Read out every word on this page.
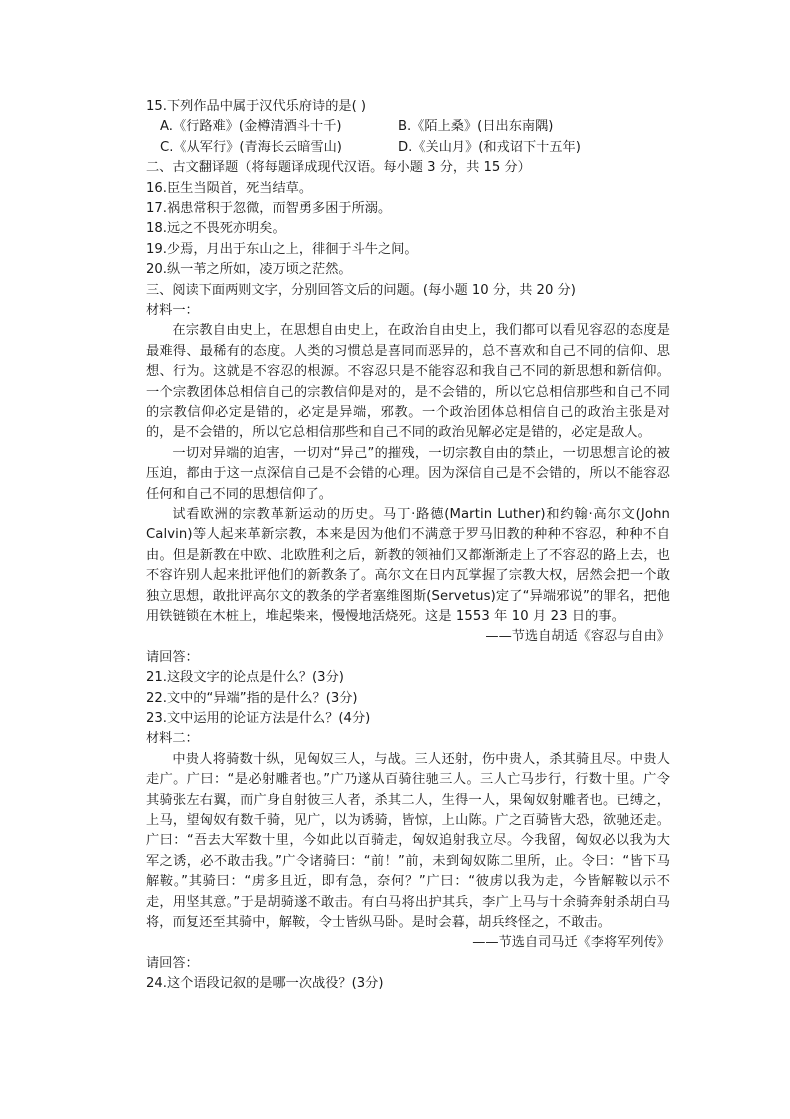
15.下列作品中属于汉代乐府诗的是( )
A.《行路难》(金樽清酒斗十千)	B.《陌上桑》(日出东南隅)
C.《从军行》(青海长云暗雪山)	D.《关山月》(和戎诏下十五年)
二、古文翻译题（将每题译成现代汉语。每小题 3 分，共 15 分）
16.臣生当陨首，死当结草。
17.祸患常积于忽微，而智勇多困于所溺。
18.远之不畏死亦明矣。
19.少焉，月出于东山之上，徘徊于斗牛之间。
20.纵一苇之所如，凌万顷之茫然。
三、阅读下面两则文字，分别回答文后的问题。(每小题 10 分，共 20 分)
材料一：

在宗教自由史上，在思想自由史上，在政治自由史上，我们都可以看见容忍的态度是最难得、最稀有的态度。人类的习惯总是喜同而恶异的，总不喜欢和自己不同的信仰、思想、行为。这就是不容忍的根源。不容忍只是不能容忍和我自己不同的新思想和新信仰。一个宗教团体总相信自己的宗教信仰是对的，是不会错的，所以它总相信那些和自己不同的宗教信仰必定是错的，必定是异端，邪教。一个政治团体总相信自己的政治主张是对的，是不会错的，所以它总相信那些和自己不同的政治见解必定是错的，必定是敌人。

一切对异端的迫害，一切对“异己”的摧残，一切宗教自由的禁止，一切思想言论的被压迫，都由于这一点深信自己是不会错的心理。因为深信自己是不会错的，所以不能容忍任何和自己不同的思想信仰了。

试看欧洲的宗教革新运动的历史。马丁·路德(Martin Luther)和约翰·高尔文(John Calvin)等人起来革新宗教，本来是因为他们不满意于罗马旧教的种种不容忍，种种不自由。但是新教在中欧、北欧胜利之后，新教的领袖们又都渐渐走上了不容忍的路上去，也不容许别人起来批评他们的新教条了。高尔文在日内瓦掌握了宗教大权，居然会把一个敢独立思想，敢批评高尔文的教条的学者塞维图斯(Servetus)定了“异端邪说”的罪名，把他用铁链锁在木桩上，堆起柴来，慢慢地活烧死。这是 1553 年 10 月 23 日的事。

——节选自胡适《容忍与自由》
请回答：
21.这段文字的论点是什么？(3分)
22.文中的“异端”指的是什么？(3分)
23.文中运用的论证方法是什么？(4分)
材料二：

中贵人将骑数十纵，见匈奴三人，与战。三人还射，伤中贵人，杀其骑且尽。中贵人走广。广曰：“是必射雕者也。”广乃遂从百骑往驰三人。三人亡马步行，行数十里。广令其骑张左右翼，而广身自射彼三人者，杀其二人，生得一人，果匈奴射雕者也。已缚之，上马，望匈奴有数千骑，见广，以为诱骑，皆惊，上山陈。广之百骑皆大恐，欲驰还走。广曰：“吾去大军数十里，今如此以百骑走，匈奴追射我立尽。今我留，匈奴必以我为大军之诱，必不敢击我。”广令诸骑曰：“前！”前，未到匈奴陈二里所，止。令曰：“皆下马解鞍。”其骑曰：“虏多且近，即有急，奈何？”广曰：“彼虏以我为走，今皆解鞍以示不走，用坚其意。”于是胡骑遂不敢击。有白马将出护其兵，李广上马与十余骑奔射杀胡白马将，而复还至其骑中，解鞍，令士皆纵马卧。是时会暮，胡兵终怪之，不敢击。

——节选自司马迁《李将军列传》
请回答：
24.这个语段记叙的是哪一次战役？(3分)
